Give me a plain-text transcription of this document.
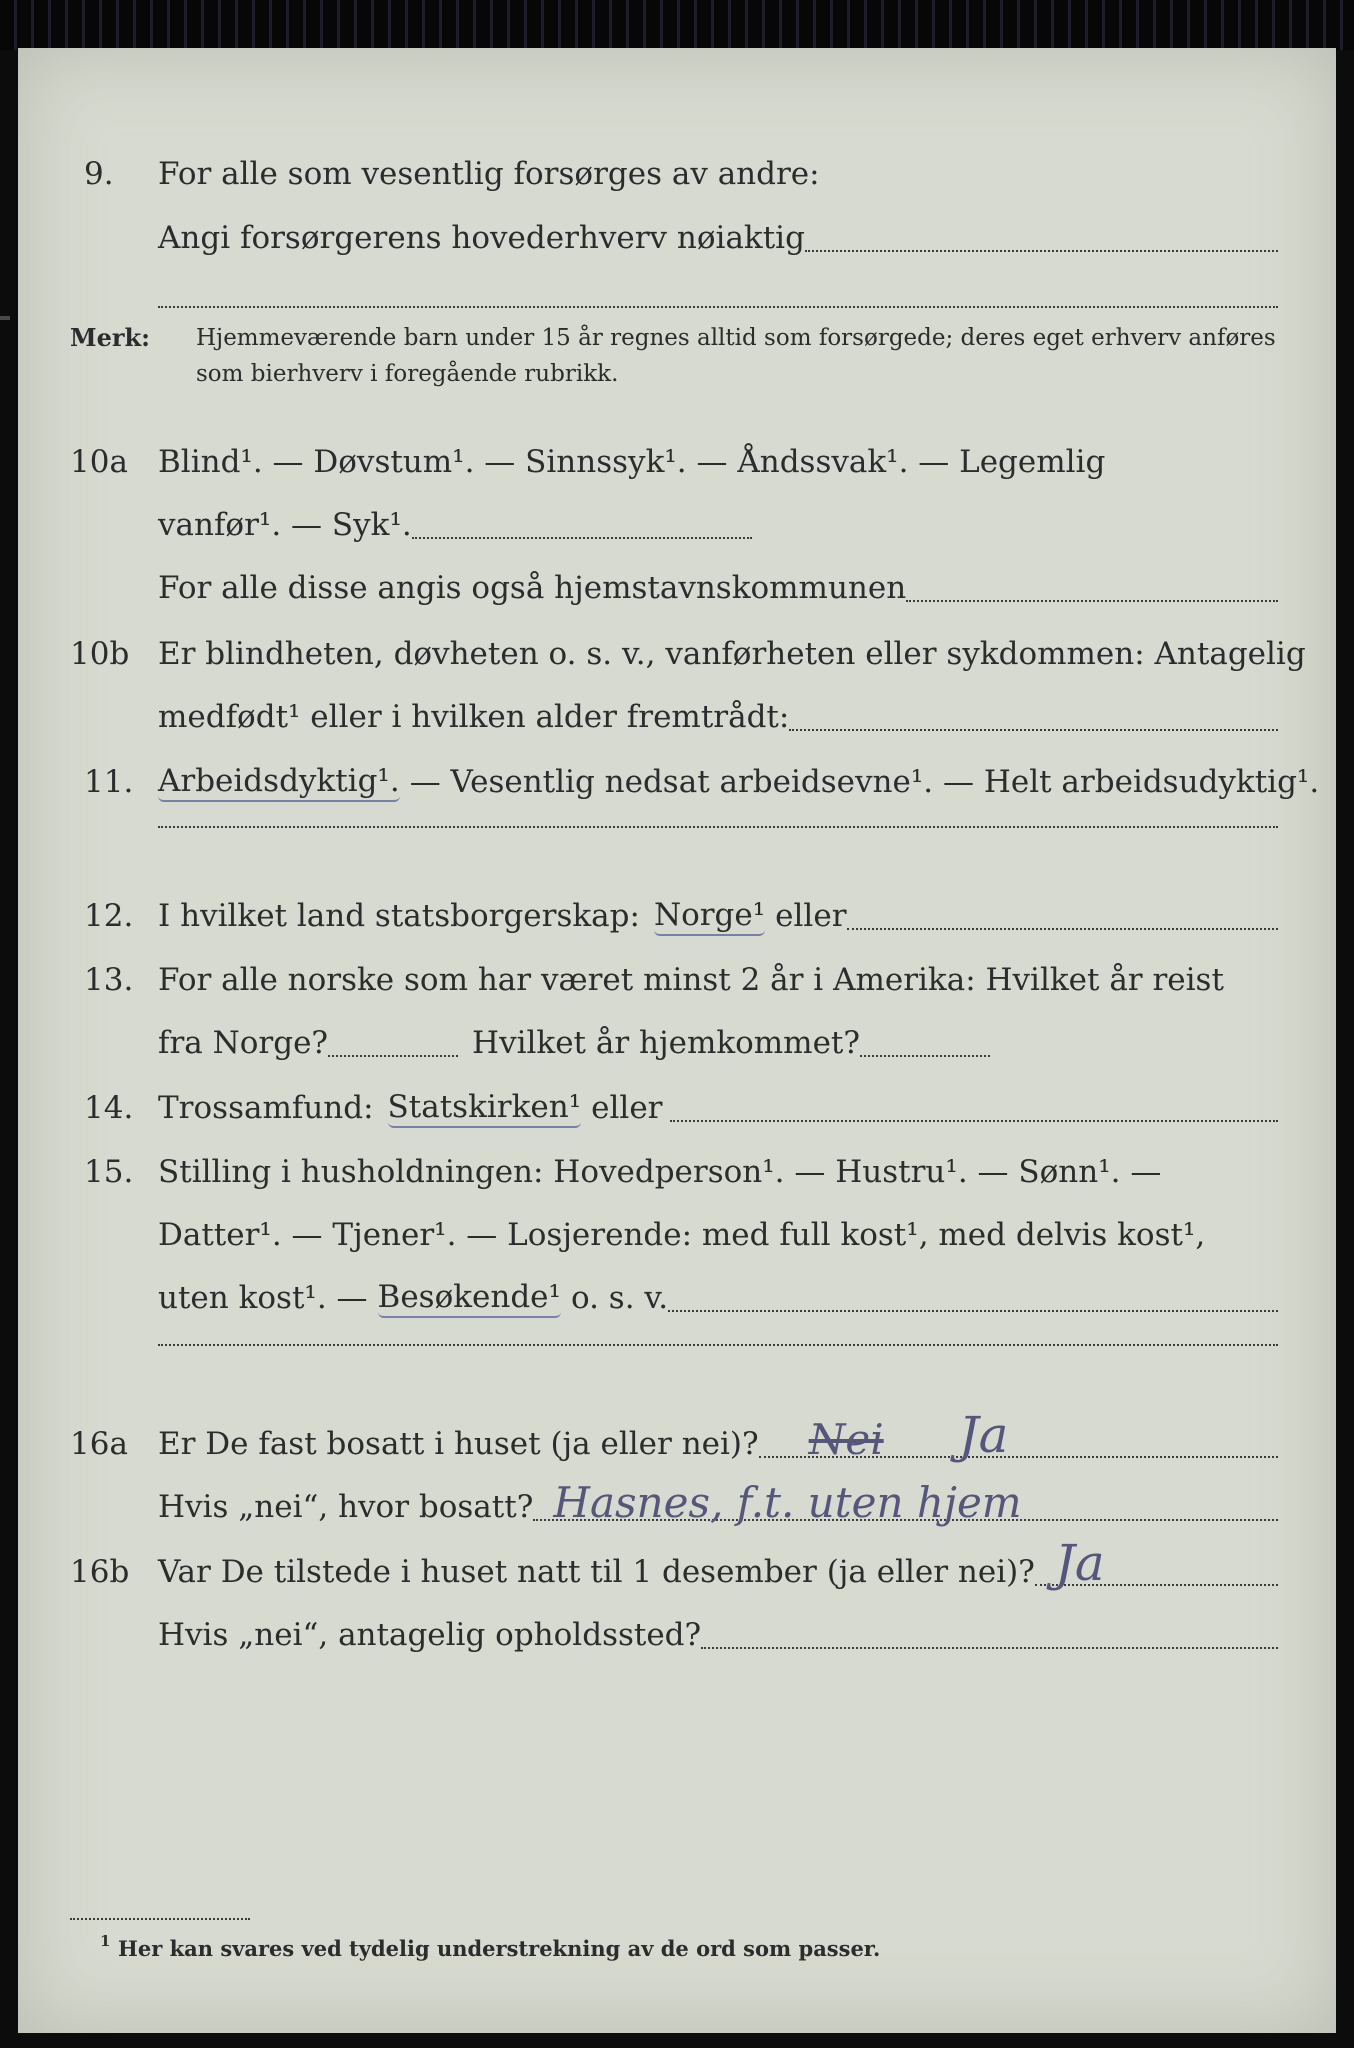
9. For alle som vesentlig forsørges av andre:
Angi forsørgerens hovederhverv nøiaktig
Merk: Hjemmeværende barn under 15 år regnes alltid som forsørgede; deres eget erhverv anføres som bierhverv i foregående rubrikk.
10a Blind¹. — Døvstum¹. — Sinnssyk¹. — Åndssvak¹. — Legemlig
vanfør¹. — Syk¹.
For alle disse angis også hjemstavnskommunen
10b Er blindheten, døvheten o. s. v., vanførheten eller sykdommen: Antagelig
medfødt¹ eller i hvilken alder fremtrådt:
11. Arbeidsdyktig¹. — Vesentlig nedsat arbeidsevne¹. — Helt arbeidsudyktig¹.
12. I hvilket land statsborgerskap: Norge¹ eller
13. For alle norske som har været minst 2 år i Amerika: Hvilket år reist
fra Norge?	Hvilket år hjemkommet?
14. Trossamfund: Statskirken¹ eller
15. Stilling i husholdningen: Hovedperson¹. — Hustru¹. — Sønn¹. —
Datter¹. — Tjener¹. — Losjerende: med full kost¹, med delvis kost¹,
uten kost¹. — Besøkende¹ o. s. v.
16a Er De fast bosatt i huset (ja eller nei)? Nei Ja
Hvis „nei“, hvor bosatt? Hasnes, f.t. uten hjem
16b Var De tilstede i huset natt til 1 desember (ja eller nei)? Ja
Hvis „nei“, antagelig opholdssted?
1 Her kan svares ved tydelig understrekning av de ord som passer.
